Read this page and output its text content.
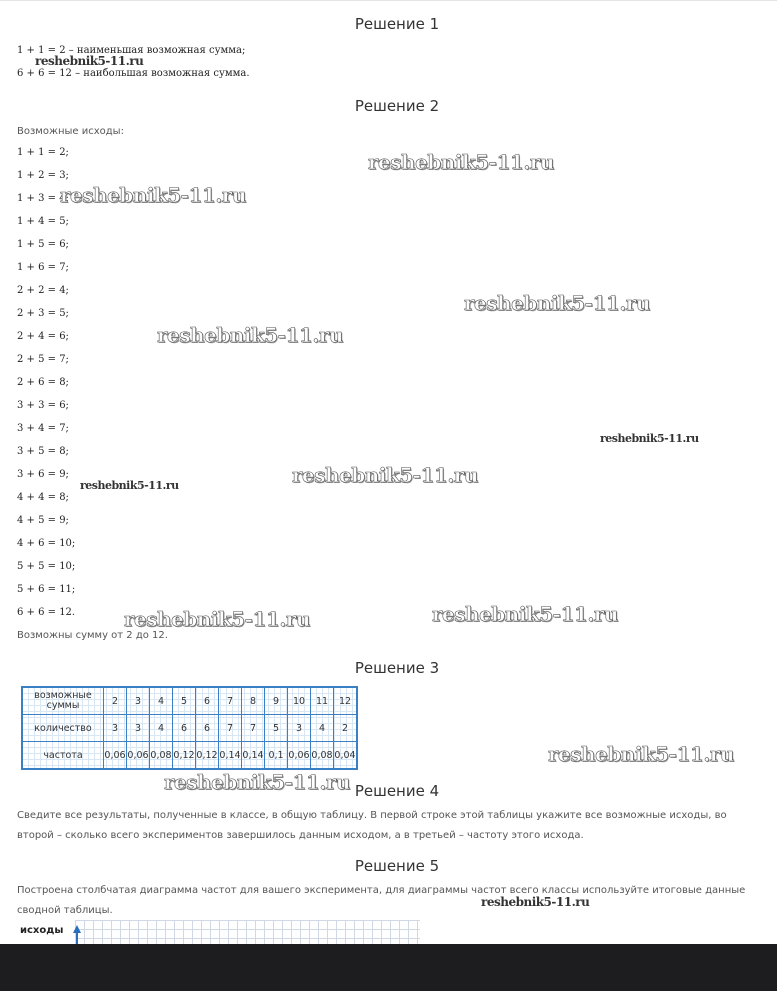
Решение 1
1 + 1 = 2 – наименьшая возможная сумма;
6 + 6 = 12 – наибольшая возможная сумма.
Решение 2
Возможные исходы:
1 + 1 = 2;
1 + 2 = 3;
1 + 3 = 4;
1 + 4 = 5;
1 + 5 = 6;
1 + 6 = 7;
2 + 2 = 4;
2 + 3 = 5;
2 + 4 = 6;
2 + 5 = 7;
2 + 6 = 8;
3 + 3 = 6;
3 + 4 = 7;
3 + 5 = 8;
3 + 6 = 9;
4 + 4 = 8;
4 + 5 = 9;
4 + 6 = 10;
5 + 5 = 10;
5 + 6 = 11;
6 + 6 = 12.
Возможны сумму от 2 до 12.
Решение 3
возможные суммы	2	3	4	5	6	7	8	9	10	11	12
количество	3	3	4	6	6	7	7	5	3	4	2
частота	0,06	0,06	0,08	0,12	0,12	0,14	0,14	0,1	0,06	0,08	0,04
Решение 4
Сведите все результаты, полученные в классе, в общую таблицу. В первой строке этой таблицы укажите все возможные исходы, во второй – сколько всего экспериментов завершилось данным исходом, а в третьей – частоту этого исхода.
Решение 5
Построена столбчатая диаграмма частот для вашего эксперимента, для диаграммы частот всего классы используйте итоговые данные сводной таблицы.
исходы
reshebnik5-11.ru
reshebnik5-11.ru
reshebnik5-11.ru
reshebnik5-11.ru
reshebnik5-11.ru
reshebnik5-11.ru
reshebnik5-11.ru
reshebnik5-11.ru
reshebnik5-11.ru	reshebnik5-11.ru
reshebnik5-11.ru
reshebnik5-11.ru
reshebnik5-11.ru
